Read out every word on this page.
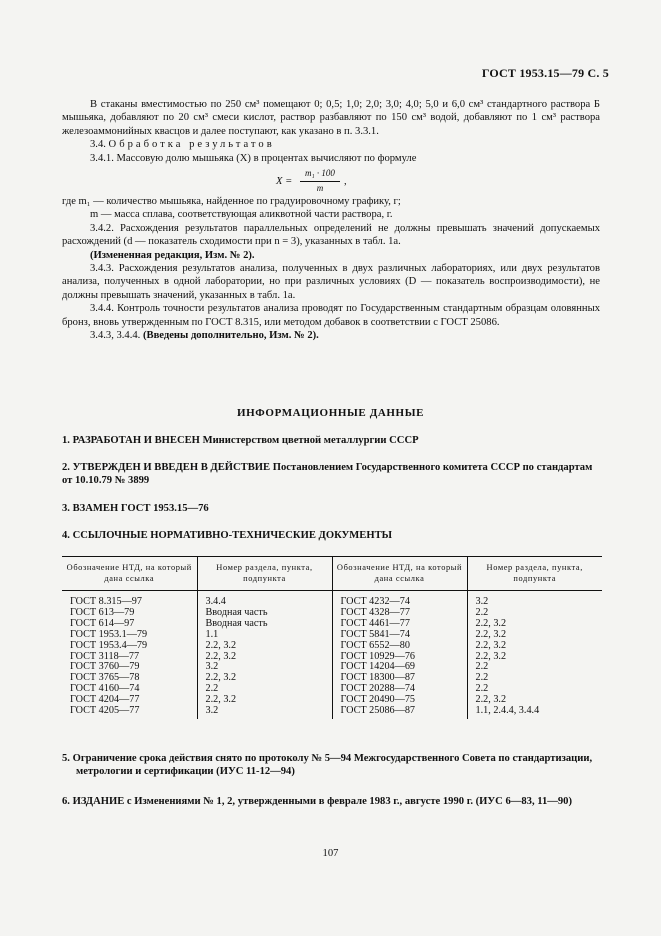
ГОСТ 1953.15—79 С. 5

В стаканы вместимостью по 250 см³ помещают 0; 0,5; 1,0; 2,0; 3,0; 4,0; 5,0 и 6,0 см³ стандартного раствора Б мышьяка, добавляют по 20 см³ смеси кислот, раствор разбавляют по 150 см³ водой, добавляют по 1 см³ раствора железоаммонийных квасцов и далее поступают, как указано в п. 3.3.1.

3.4. Обработка результатов

3.4.1. Массовую долю мышьяка (X) в процентах вычисляют по формуле

$X = \frac{\text{m₁ · 100}}{m}$ ,

где m₁ — количество мышьяка, найденное по градуировочному графику, г;

m — масса сплава, соответствующая аликвотной части раствора, г.

3.4.2. Расхождения результатов параллельных определений не должны превышать значений допускаемых расхождений (d — показатель сходимости при n = 3), указанных в табл. 1а.

(Измененная редакция, Изм. № 2).

3.4.3. Расхождения результатов анализа, полученных в двух различных лабораториях, или двух результатов анализа, полученных в одной лаборатории, но при различных условиях (D — показатель воспроизводимости), не должны превышать значений, указанных в табл. 1а.

3.4.4. Контроль точности результатов анализа проводят по Государственным стандартным образцам оловянных бронз, вновь утвержденным по ГОСТ 8.315, или методом добавок в соответствии с ГОСТ 25086.

3.4.3, 3.4.4. (Введены дополнительно, Изм. № 2).

ИНФОРМАЦИОННЫЕ ДАННЫЕ
1. РАЗРАБОТАН И ВНЕСЕН Министерством цветной металлургии СССР
2. УТВЕРЖДЕН И ВВЕДЕН В ДЕЙСТВИЕ Постановлением Государственного комитета СССР по стандартам от 10.10.79 № 3899
3. ВЗАМЕН ГОСТ 1953.15—76
4. ССЫЛОЧНЫЕ НОРМАТИВНО-ТЕХНИЧЕСКИЕ ДОКУМЕНТЫ
Обозначение НТД, на который дана ссылка	Номер раздела, пункта, подпункта	Обозначение НТД, на который дана ссылка	Номер раздела, пункта, подпункта
ГОСТ 8.315—97	3.4.4	ГОСТ 4232—74	3.2
ГОСТ 613—79	Вводная часть	ГОСТ 4328—77	2.2
ГОСТ 614—97	Вводная часть	ГОСТ 4461—77	2.2, 3.2
ГОСТ 1953.1—79	1.1	ГОСТ 5841—74	2.2, 3.2
ГОСТ 1953.4—79	2.2, 3.2	ГОСТ 6552—80	2.2, 3.2
ГОСТ 3118—77	2.2, 3.2	ГОСТ 10929—76	2.2, 3.2
ГОСТ 3760—79	3.2	ГОСТ 14204—69	2.2
ГОСТ 3765—78	2.2, 3.2	ГОСТ 18300—87	2.2
ГОСТ 4160—74	2.2	ГОСТ 20288—74	2.2
ГОСТ 4204—77	2.2, 3.2	ГОСТ 20490—75	2.2, 3.2
ГОСТ 4205—77	3.2	ГОСТ 25086—87	1.1, 2.4.4, 3.4.4
5. Ограничение срока действия снято по протоколу № 5—94 Межгосударственного Совета по стандартизации, метрологии и сертификации (ИУС 11-12—94)
6. ИЗДАНИЕ с Изменениями № 1, 2, утвержденными в феврале 1983 г., августе 1990 г. (ИУС 6—83, 11—90)
107
